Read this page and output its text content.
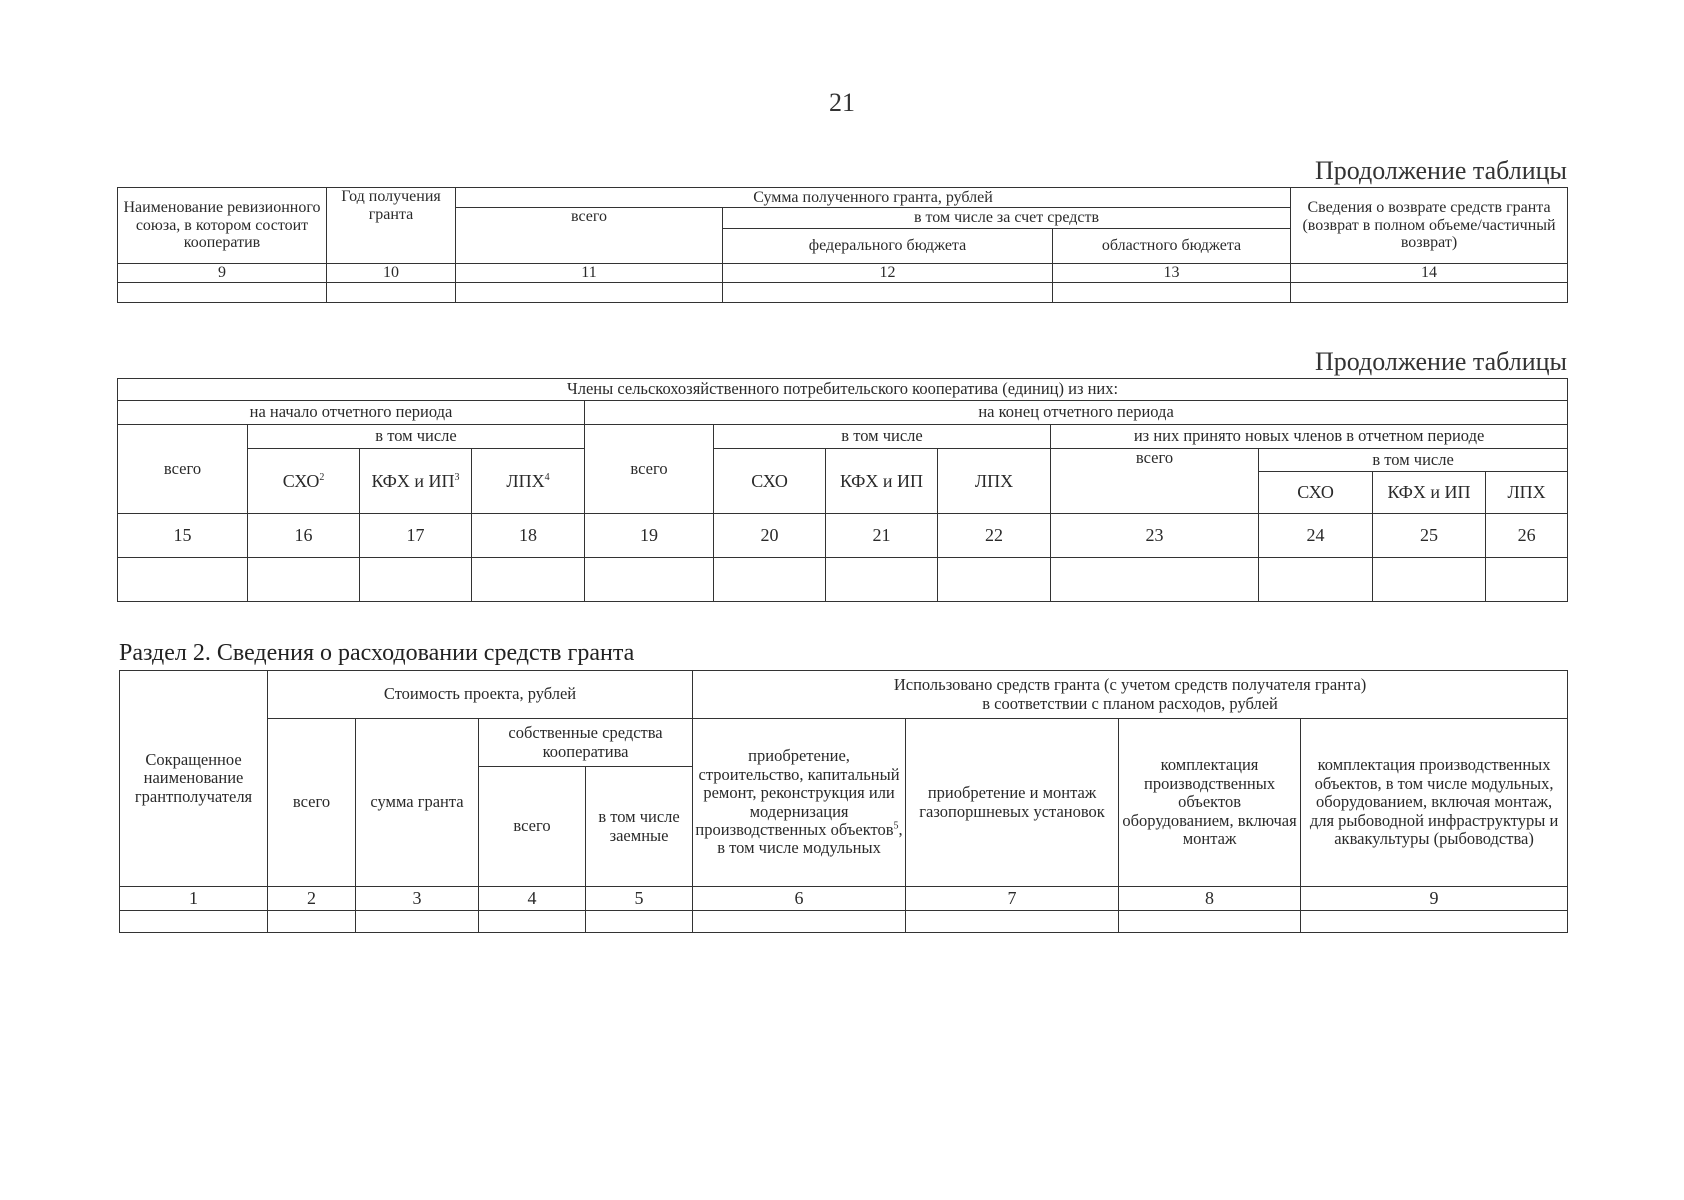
21
Продолжение таблицы
Наименование ревизионного союза, в котором состоит кооператив	Год получения гранта	Сумма полученного гранта, рублей			Сведения о возврате средств гранта (возврат в полном объеме/частичный возврат)
		всего	в том числе за счет средств		
			федерального бюджета	областного бюджета	
9	10	11	12	13	14

Продолжение таблицы
Члены сельскохозяйственного потребительского кооператива (единиц) из них:											
на начало отчетного периода				на конец отчетного периода							
всего	в том числе			всего	в том числе			из них принято новых членов в отчетном периоде			
	СХО$^2$	КФХ и $ИП^3$	ЛПХ$^4$		СХО	КФХ и ИП	ЛПХ	всего	в том числе		
									СХО	КФХ и ИП	ЛПХ
15	16	17	18	19	20	21	22	23	24	25	26

Раздел 2. Сведения о расходовании средств гранта
Сокращенное наименование грантполучателя	Стоимость проекта, рублей				Использовано средств гранта (с учетом средств получателя гранта)
в соответствии с планом расходов, рублей			
	всего	сумма гранта	собственные средства кооператива		приобретение, строительство, капитальный ремонт, реконструкция или модернизация производственных объектов$^5$, в том числе модульных	приобретение и монтаж газопоршневых установок	комплектация производственных объектов оборудованием, включая монтаж	комплектация производственных объектов, в том числе модульных, оборудованием, включая монтаж, для рыбоводной инфраструктуры и аквакультуры (рыбоводства)
			всего	в том числе заемные				
1	2	3	4	5	6	7	8	9
